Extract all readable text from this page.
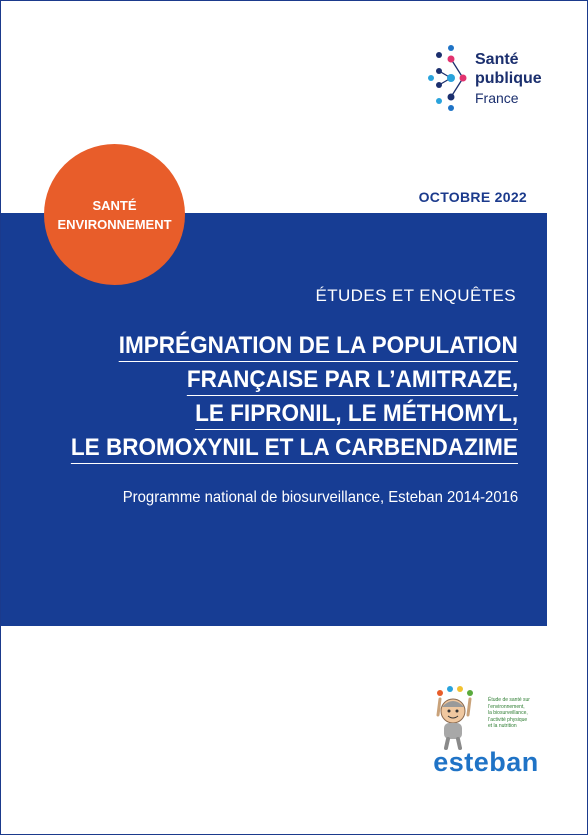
Santé
publique
France
OCTOBRE 2022
SANTÉ
ENVIRONNEMENT
ÉTUDES ET ENQUÊTES
IMPRÉGNATION DE LA POPULATION
FRANÇAISE PAR L’AMITRAZE,
LE FIPRONIL, LE MÉTHOMYL,
LE BROMOXYNIL ET LA CARBENDAZIME
Programme national de biosurveillance, Esteban 2014-2016
Étude de santé sur
l’environnement,
la biosurveillance,
l’activité physique
et la nutrition
esteban
